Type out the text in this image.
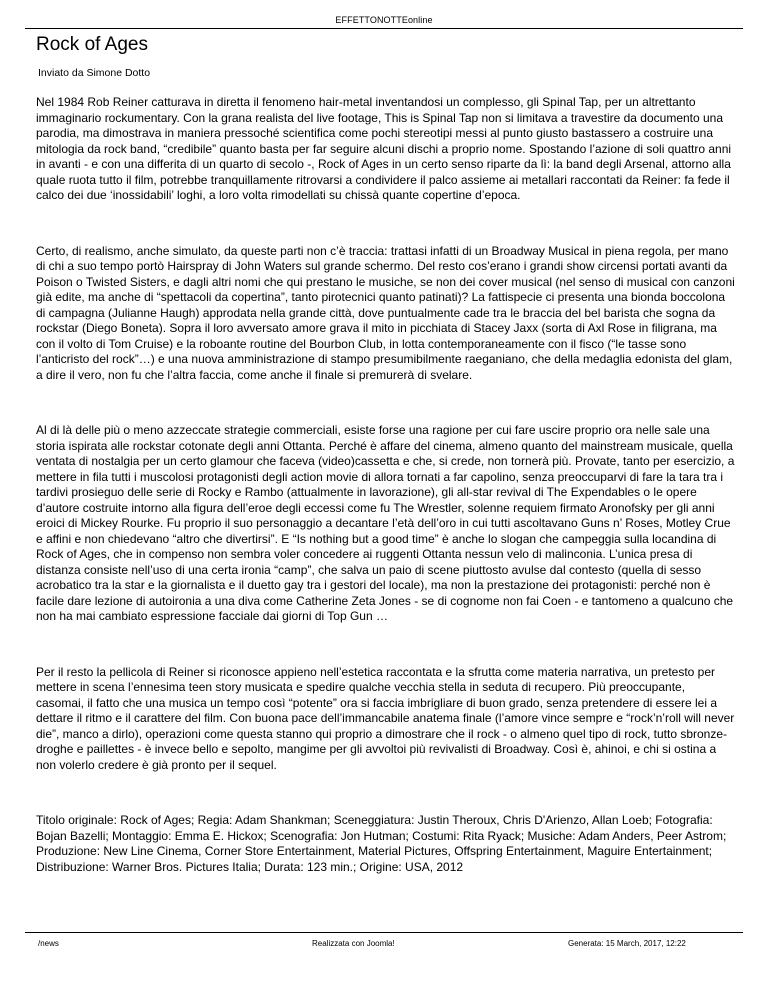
EFFETTONOTTEonline
Rock of Ages
Inviato da Simone Dotto

Nel 1984 Rob Reiner catturava in diretta il fenomeno hair-metal inventandosi un complesso, gli Spinal Tap, per un altrettanto immaginario rockumentary. Con la grana realista del live footage, This is Spinal Tap non si limitava a travestire da documento una parodia, ma dimostrava in maniera pressoché scientifica come pochi stereotipi messi al punto giusto bastassero a costruire una mitologia da rock band, “credibile” quanto basta per far seguire alcuni dischi a proprio nome. Spostando l’azione di soli quattro anni in avanti - e con una differita di un quarto di secolo -, Rock of Ages in un certo senso riparte da lì: la band degli Arsenal, attorno alla quale ruota tutto il film, potrebbe tranquillamente ritrovarsi a condividere il palco assieme ai metallari raccontati da Reiner: fa fede il calco dei due ‘inossidabili’ loghi, a loro volta rimodellati su chissà quante copertine d’epoca.

Certo, di realismo, anche simulato, da queste parti non c’è traccia: trattasi infatti di un Broadway Musical in piena regola, per mano di chi a suo tempo portò Hairspray di John Waters sul grande schermo. Del resto cos’erano i grandi show circensi portati avanti da Poison o Twisted Sisters, e dagli altri nomi che qui prestano le musiche, se non dei cover musical (nel senso di musical con canzoni già edite, ma anche di “spettacoli da copertina”, tanto pirotecnici quanto patinati)? La fattispecie ci presenta una bionda boccolona di campagna (Julianne Haugh) approdata nella grande città, dove puntualmente cade tra le braccia del bel barista che sogna da rockstar (Diego Boneta). Sopra il loro avversato amore grava il mito in picchiata di Stacey Jaxx (sorta di Axl Rose in filigrana, ma con il volto di Tom Cruise) e la roboante routine del Bourbon Club, in lotta contemporaneamente con il fisco (“le tasse sono l’anticristo del rock”…) e una nuova amministrazione di stampo presumibilmente raeganiano, che della medaglia edonista del glam, a dire il vero, non fu che l’altra faccia, come anche il finale si premurerà di svelare.

Al di là delle più o meno azzeccate strategie commerciali, esiste forse una ragione per cui fare uscire proprio ora nelle sale una storia ispirata alle rockstar cotonate degli anni Ottanta. Perché è affare del cinema, almeno quanto del mainstream musicale, quella ventata di nostalgia per un certo glamour che faceva (video)cassetta e che, si crede, non tornerà più. Provate, tanto per esercizio, a mettere in fila tutti i muscolosi protagonisti degli action movie di allora tornati a far capolino, senza preoccuparvi di fare la tara tra i tardivi prosieguo delle serie di Rocky e Rambo (attualmente in lavorazione), gli all-star revival di The Expendables o le opere d’autore costruite intorno alla figura dell’eroe degli eccessi come fu The Wrestler, solenne requiem firmato Aronofsky per gli anni eroici di Mickey Rourke. Fu proprio il suo personaggio a decantare l’età dell’oro in cui tutti ascoltavano Guns n’ Roses, Motley Crue e affini e non chiedevano “altro che divertirsi”. E “Is nothing but a good time” è anche lo slogan che campeggia sulla locandina di Rock of Ages, che in compenso non sembra voler concedere ai ruggenti Ottanta nessun velo di malinconia. L’unica presa di distanza consiste nell’uso di una certa ironia “camp”, che salva un paio di scene piuttosto avulse dal contesto (quella di sesso acrobatico tra la star e la giornalista e il duetto gay tra i gestori del locale), ma non la prestazione dei protagonisti: perché non è facile dare lezione di autoironia a una diva come Catherine Zeta Jones - se di cognome non fai Coen - e tantomeno a qualcuno che non ha mai cambiato espressione facciale dai giorni di Top Gun …

Per il resto la pellicola di Reiner si riconosce appieno nell’estetica raccontata e la sfrutta come materia narrativa, un pretesto per mettere in scena l’ennesima teen story musicata e spedire qualche vecchia stella in seduta di recupero. Più preoccupante, casomai, il fatto che una musica un tempo così “potente” ora si faccia imbrigliare di buon grado, senza pretendere di essere lei a dettare il ritmo e il carattere del film. Con buona pace dell’immancabile anatema finale (l’amore vince sempre e “rock’n’roll will never die”, manco a dirlo), operazioni come questa stanno qui proprio a dimostrare che il rock - o almeno quel tipo di rock, tutto sbronze-droghe e paillettes - è invece bello e sepolto, mangime per gli avvoltoi più revivalisti di Broadway. Così è, ahinoi, e chi si ostina a non volerlo credere è già pronto per il sequel.

Titolo originale: Rock of Ages; Regia: Adam Shankman; Sceneggiatura: Justin Theroux, Chris D'Arienzo, Allan Loeb; Fotografia: Bojan Bazelli; Montaggio: Emma E. Hickox; Scenografia: Jon Hutman; Costumi: Rita Ryack; Musiche: Adam Anders, Peer Astrom; Produzione: New Line Cinema, Corner Store Entertainment, Material Pictures, Offspring Entertainment, Maguire Entertainment; Distribuzione: Warner Bros. Pictures Italia; Durata: 123 min.; Origine: USA, 2012

/news	Realizzata con Joomla!	Generata: 15 March, 2017, 12:22
